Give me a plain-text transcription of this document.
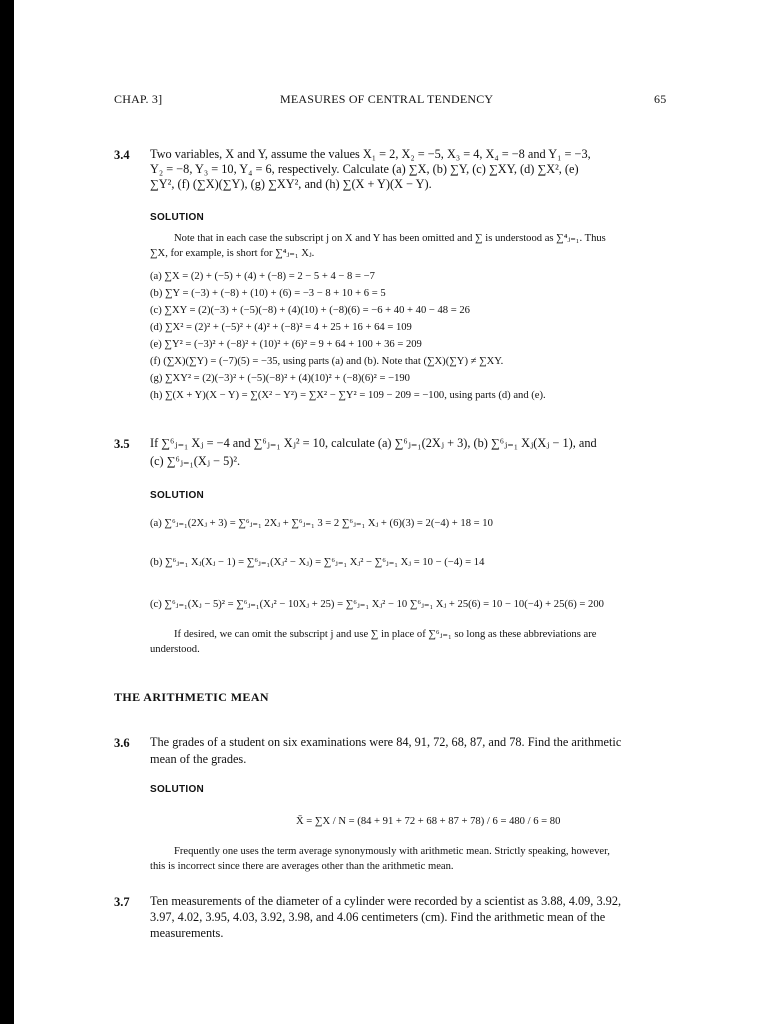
CHAP. 3]	MEASURES OF CENTRAL TENDENCY	65
3.4 Two variables, X and Y, assume the values X₁ = 2, X₂ = −5, X₃ = 4, X₄ = −8 and Y₁ = −3,
Y₂ = −8, Y₃ = 10, Y₄ = 6, respectively. Calculate (a) ∑X, (b) ∑Y, (c) ∑XY, (d) ∑X², (e)
∑Y², (f) (∑X)(∑Y), (g) ∑XY², and (h) ∑(X + Y)(X − Y).
SOLUTION
Note that in each case the subscript j on X and Y has been omitted and ∑ is understood as ∑⁴ⱼ₌₁. Thus
∑X, for example, is short for ∑⁴ⱼ₌₁ Xⱼ.
(a) ∑X = (2) + (−5) + (4) + (−8) = 2 − 5 + 4 − 8 = −7
(b) ∑Y = (−3) + (−8) + (10) + (6) = −3 − 8 + 10 + 6 = 5
(c) ∑XY = (2)(−3) + (−5)(−8) + (4)(10) + (−8)(6) = −6 + 40 + 40 − 48 = 26
(d) ∑X² = (2)² + (−5)² + (4)² + (−8)² = 4 + 25 + 16 + 64 = 109
(e) ∑Y² = (−3)² + (−8)² + (10)² + (6)² = 9 + 64 + 100 + 36 = 209
(f) (∑X)(∑Y) = (−7)(5) = −35, using parts (a) and (b). Note that (∑X)(∑Y) ≠ ∑XY.
(g) ∑XY² = (2)(−3)² + (−5)(−8)² + (4)(10)² + (−8)(6)² = −190
(h) ∑(X + Y)(X − Y) = ∑(X² − Y²) = ∑X² − ∑Y² = 109 − 209 = −100, using parts (d) and (e).
3.5 If ∑⁶ⱼ₌₁ Xⱼ = −4 and ∑⁶ⱼ₌₁ Xⱼ² = 10, calculate (a) ∑⁶ⱼ₌₁(2Xⱼ + 3), (b) ∑⁶ⱼ₌₁ Xⱼ(Xⱼ − 1), and
(c) ∑⁶ⱼ₌₁(Xⱼ − 5)².
SOLUTION
(a) ∑⁶ⱼ₌₁(2Xⱼ + 3) = ∑⁶ⱼ₌₁ 2Xⱼ + ∑⁶ⱼ₌₁ 3 = 2 ∑⁶ⱼ₌₁ Xⱼ + (6)(3) = 2(−4) + 18 = 10
(b) ∑⁶ⱼ₌₁ Xⱼ(Xⱼ − 1) = ∑⁶ⱼ₌₁(Xⱼ² − Xⱼ) = ∑⁶ⱼ₌₁ Xⱼ² − ∑⁶ⱼ₌₁ Xⱼ = 10 − (−4) = 14
(c) ∑⁶ⱼ₌₁(Xⱼ − 5)² = ∑⁶ⱼ₌₁(Xⱼ² − 10Xⱼ + 25) = ∑⁶ⱼ₌₁ Xⱼ² − 10 ∑⁶ⱼ₌₁ Xⱼ + 25(6) = 10 − 10(−4) + 25(6) = 200
If desired, we can omit the subscript j and use ∑ in place of ∑⁶ⱼ₌₁ so long as these abbreviations are
understood.
THE ARITHMETIC MEAN
3.6 The grades of a student on six examinations were 84, 91, 72, 68, 87, and 78. Find the arithmetic
mean of the grades.
SOLUTION
X̄ = ∑X / N = (84 + 91 + 72 + 68 + 87 + 78) / 6 = 480 / 6 = 80
Frequently one uses the term average synonymously with arithmetic mean. Strictly speaking, however,
this is incorrect since there are averages other than the arithmetic mean.
3.7 Ten measurements of the diameter of a cylinder were recorded by a scientist as 3.88, 4.09, 3.92,
3.97, 4.02, 3.95, 4.03, 3.92, 3.98, and 4.06 centimeters (cm). Find the arithmetic mean of the
measurements.
